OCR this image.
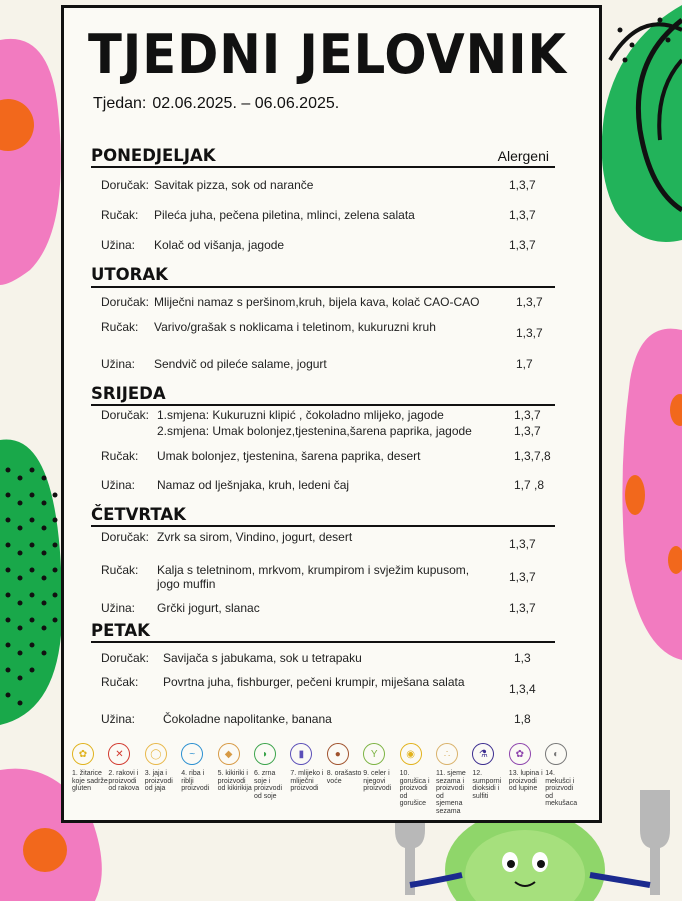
TJEDNI JELOVNIK
Tjedan: 02.06.2025. – 06.06.2025.
Alergeni
PONEDJELJAK
Doručak: Savitak pizza, sok od naranče	1,3,7
Ručak: Pileća juha, pečena piletina, mlinci, zelena salata	1,3,7
Užina: Kolač od višanja, jagode	1,3,7
UTORAK
Doručak: Mliječni namaz s peršinom,kruh, bijela kava, kolač CAO-CAO	1,3,7
Ručak: Varivo/grašak s noklicama i teletinom, kukuruzni kruh	1,3,7
Užina: Sendvič od pileće salame, jogurt	1,7
SRIJEDA
Doručak: 1.smjena: Kukuruzni klipić , čokoladno mlijeko, jagode	1,3,7
2.smjena: Umak bolonjez,tjestenina,šarena paprika, jagode	1,3,7
Ručak: Umak bolonjez, tjestenina, šarena paprika, desert	1,3,7,8
Užina: Namaz od lješnjaka, kruh, ledeni čaj	1,7 ,8
ČETVRTAK
Doručak: Zvrk sa sirom, Vindino, jogurt, desert	1,3,7
Ručak: Kalja s teletninom, mrkvom, krumpirom i svježim kupusom,
jogo muffin	1,3,7
Užina: Grčki jogurt, slanac	1,3,7
PETAK
Doručak: Savijača s jabukama, sok u tetrapaku	1,3
Ručak: Povrtna juha, fishburger, pečeni krumpir, miješana salata	1,3,4
Užina: Čokoladne napolitanke, banana	1,8
✿
1. žitarice koje sadrže gluten
✕
2. rakovi i proizvodi od rakova
◯
3. jaja i proizvodi od jaja
~
4. riba i riblji proizvodi
◆
5. kikiriki i proizvodi od kikirikija
◗
6. zrna soje i proizvodi od soje
▮
7. mlijeko i mliječni proizvodi
●
8. orašasto voće
Y
9. celer i njegovi proizvodi
◉
10. gorušica i proizvodi od gorušice
∴
11. sjeme sezama i proizvodi od sjemena sezama
⚗
12. sumporni dioksidi i sulfiti
✿
13. lupina i proizvodi od lupine
◐
14. mekušci i proizvodi od mekušaca
